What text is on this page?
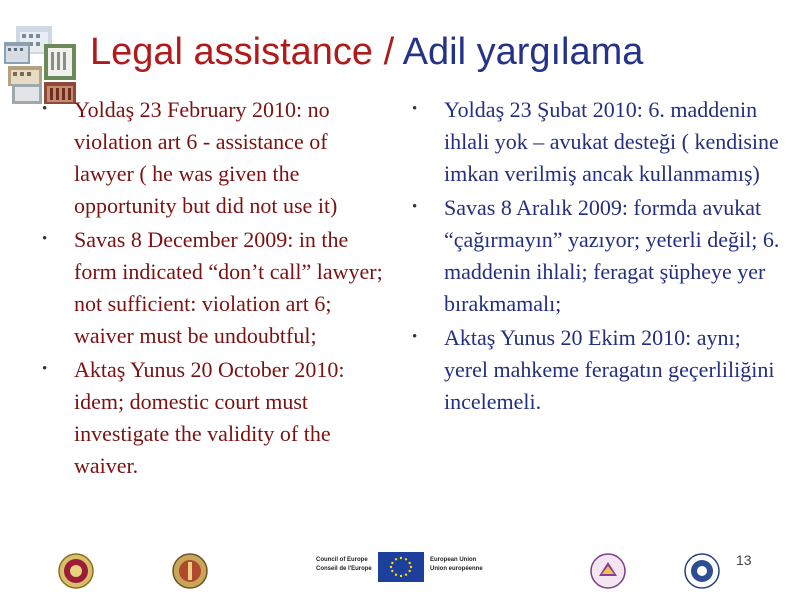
Legal assistance / Adil yargılama
• Yoldaş 23 February 2010: no violation art 6 - assistance of lawyer ( he was given the opportunity but did not use it)
• Savas 8 December 2009: in the form indicated “don’t call” lawyer; not sufficient: violation art 6; waiver must be undoubtful;
• Aktaş Yunus 20 October 2010: idem; domestic court must investigate the validity of the waiver.
• Yoldaş 23 Şubat 2010: 6. maddenin ihlali yok – avukat desteği ( kendisine imkan verilmiş ancak kullanmamış)
• Savas 8 Aralık 2009: formda avukat “çağırmayın” yazıyor; yeterli değil; 6. maddenin ihlali; feragat şüpheye yer bırakmamalı;
• Aktaş Yunus 20 Ekim 2010: aynı; yerel mahkeme feragatın geçerliliğini incelemeli.
Council of Europe
Conseil de l'Europe
European Union
Union européenne
13
